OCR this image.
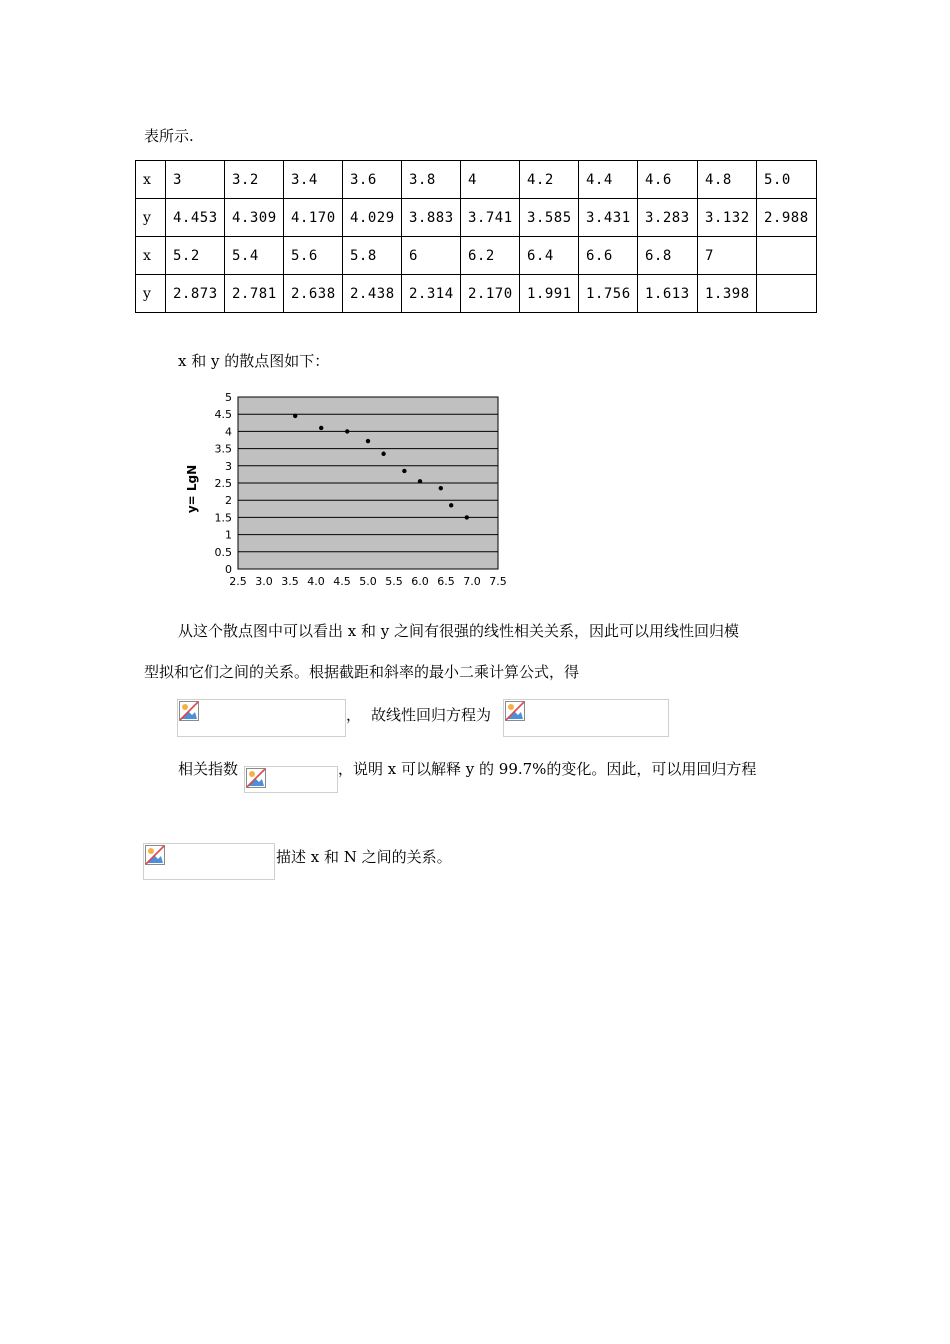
表所示.
x	3	3.2	3.4	3.6	3.8	4	4.2	4.4	4.6	4.8	5.0
y	4.453	4.309	4.170	4.029	3.883	3.741	3.585	3.431	3.283	3.132	2.988
x	5.2	5.4	5.6	5.8	6	6.2	6.4	6.6	6.8	7	
y	2.873	2.781	2.638	2.438	2.314	2.170	1.991	1.756	1.613	1.398	
x 和 y 的散点图如下：
0
0.5
1
1.5
2
2.5
3
3.5
4
4.5
5
2.5 3.0 3.5 4.0 4.5 5.0 5.5 6.0 6.5 7.0 7.5
y= LgN
从这个散点图中可以看出 x 和 y 之间有很强的线性相关关系，因此可以用线性回归模
型拟和它们之间的关系。根据截距和斜率的最小二乘计算公式，得
， 故线性回归方程为
相关指数	，说明 x 可以解释 y 的 99.7%的变化。因此，可以用回归方程
描述 x 和 N 之间的关系。
